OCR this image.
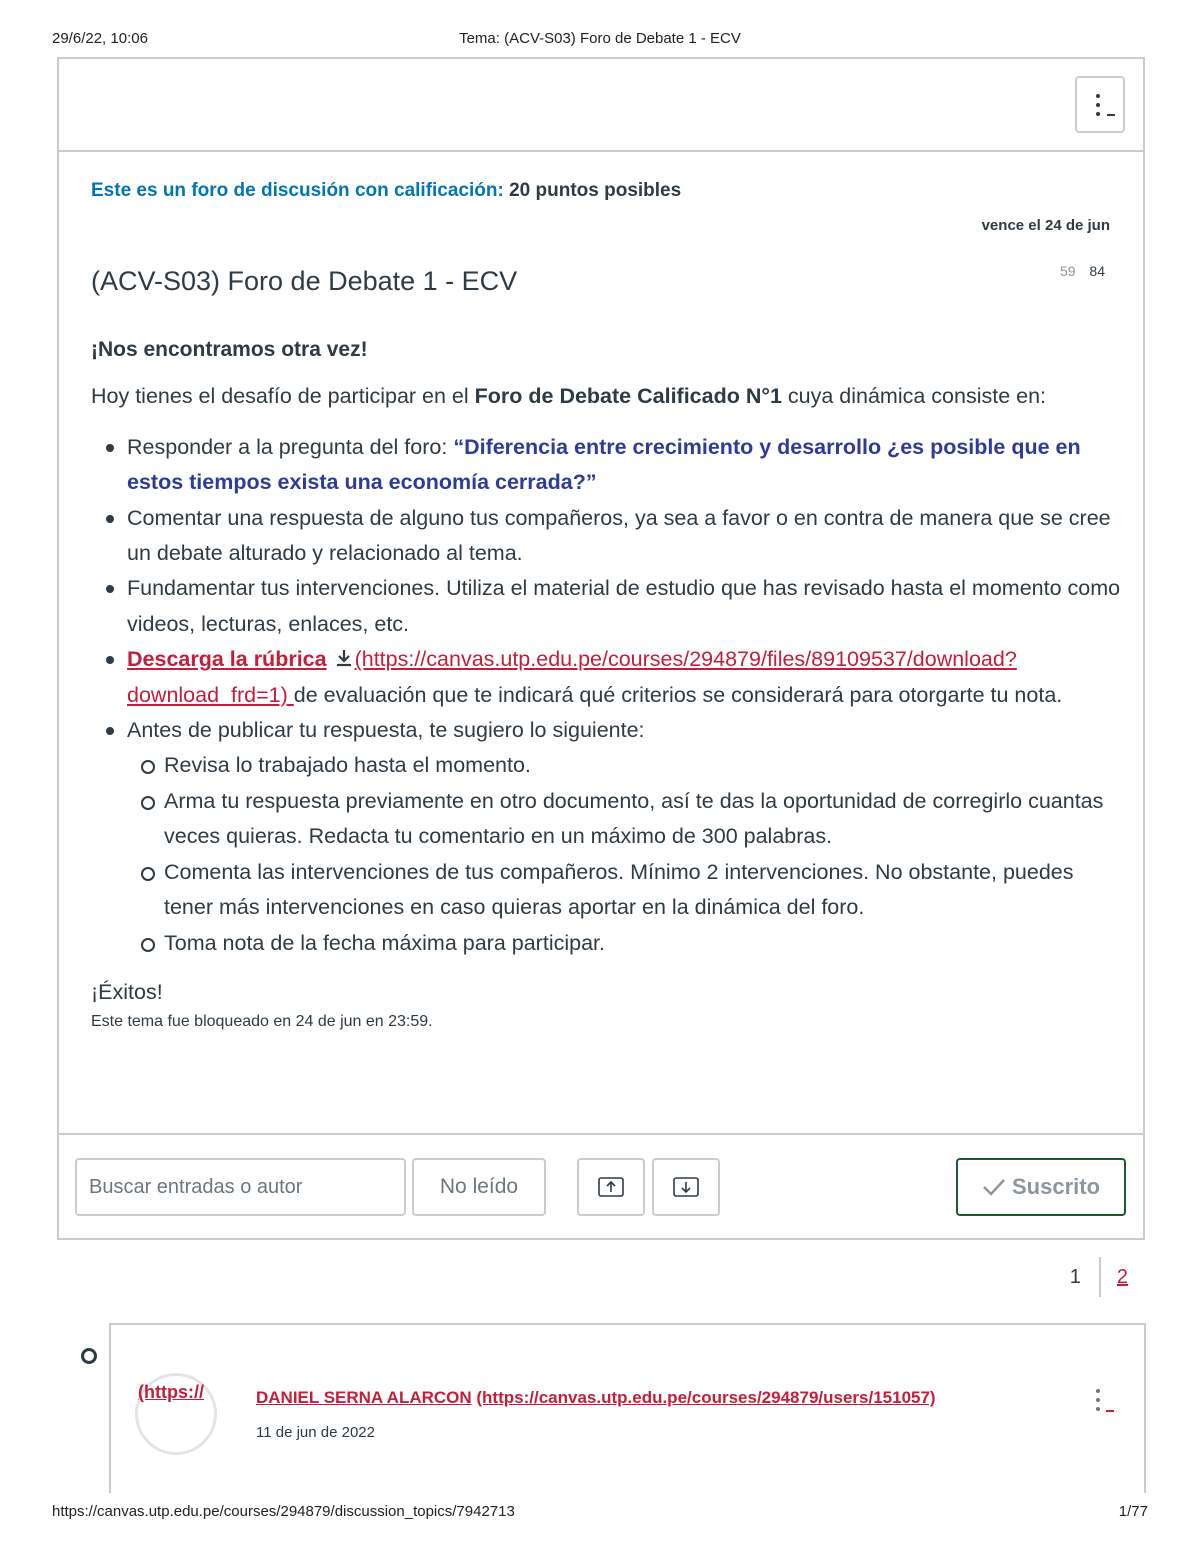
29/6/22, 10:06	Tema: (ACV-S03) Foro de Debate 1 - ECV
Este es un foro de discusión con calificación: 20 puntos posibles
vence el 24 de jun
59 84
(ACV-S03) Foro de Debate 1 - ECV

¡Nos encontramos otra vez!

Hoy tienes el desafío de participar en el Foro de Debate Calificado N°1 cuya dinámica consiste en:

Responder a la pregunta del foro: “Diferencia entre crecimiento y desarrollo ¿es posible que en estos tiempos exista una economía cerrada?”
Comentar una respuesta de alguno tus compañeros, ya sea a favor o en contra de manera que se cree un debate alturado y relacionado al tema.
Fundamentar tus intervenciones. Utiliza el material de estudio que has revisado hasta el momento como videos, lecturas, enlaces, etc.
Descarga la rúbrica (https://canvas.utp.edu.pe/courses/294879/files/89109537/download?download_frd=1) de evaluación que te indicará qué criterios se considerará para otorgarte tu nota.
Antes de publicar tu respuesta, te sugiero lo siguiente:
Revisa lo trabajado hasta el momento.
Arma tu respuesta previamente en otro documento, así te das la oportunidad de corregirlo cuantas veces quieras. Redacta tu comentario en un máximo de 300 palabras.
Comenta las intervenciones de tus compañeros. Mínimo 2 intervenciones. No obstante, puedes tener más intervenciones en caso quieras aportar en la dinámica del foro.
Toma nota de la fecha máxima para participar.

¡Éxitos!

Este tema fue bloqueado en 24 de jun en 23:59.

Buscar entradas o autor
No leído	Suscrito
1 2
(https://	DANIEL SERNA ALARCON (https://canvas.utp.edu.pe/courses/294879/users/151057)
11 de jun de 2022
https://canvas.utp.edu.pe/courses/294879/discussion_topics/7942713	1/77
